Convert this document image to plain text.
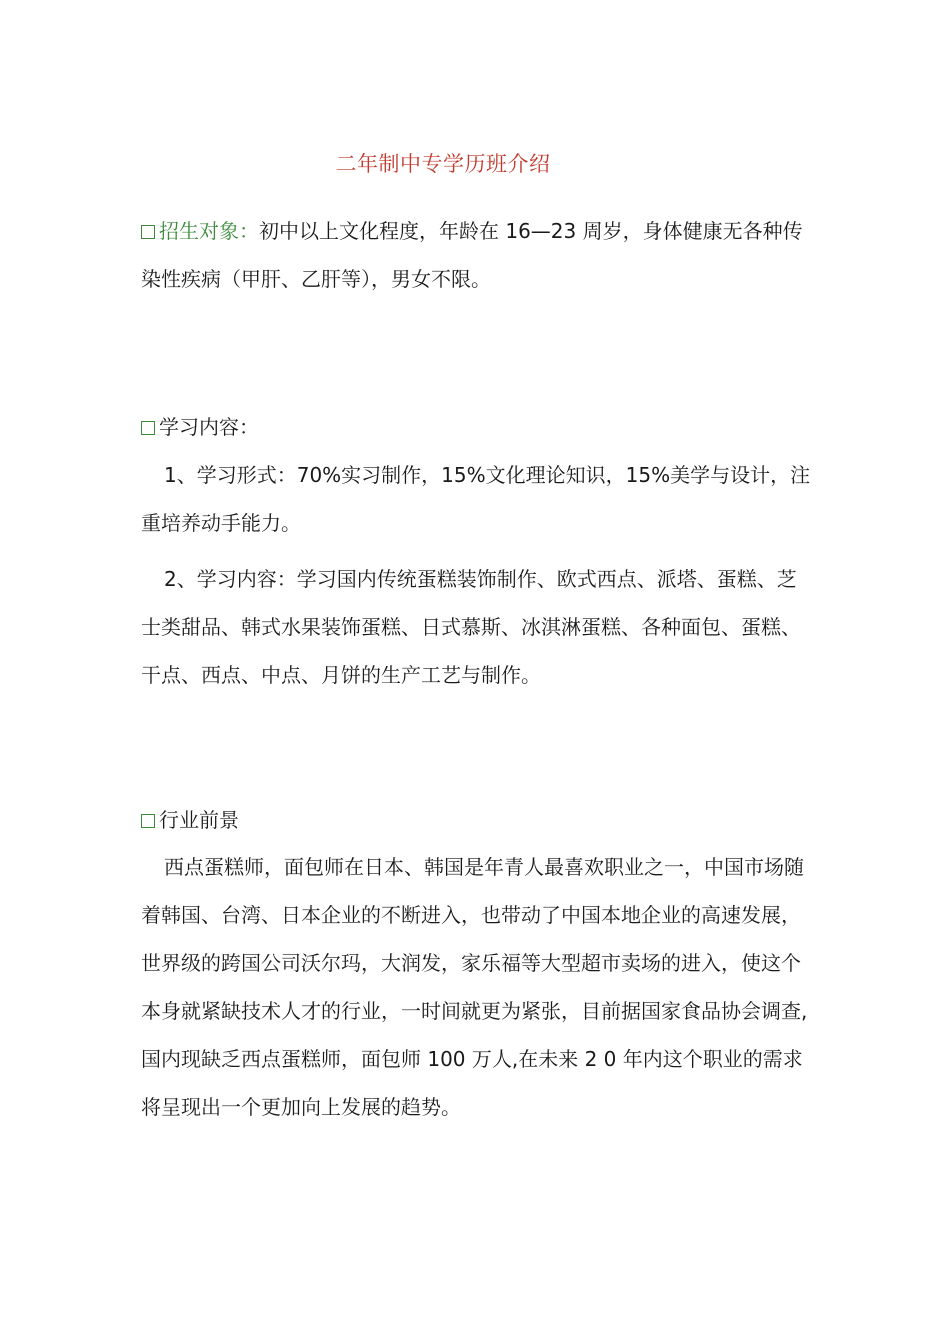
二年制中专学历班介绍

招生对象：初中以上文化程度，年龄在 16—23 周岁，身体健康无各种传染性疾病（甲肝、乙肝等），男女不限。

学习内容：

1、学习形式：70%实习制作，15%文化理论知识，15%美学与设计，注重培养动手能力。

2、学习内容：学习国内传统蛋糕装饰制作、欧式西点、派塔、蛋糕、芝士类甜品、韩式水果装饰蛋糕、日式慕斯、冰淇淋蛋糕、各种面包、蛋糕、干点、西点、中点、月饼的生产工艺与制作。

行业前景

西点蛋糕师，面包师在日本、韩国是年青人最喜欢职业之一，中国市场随着韩国、台湾、日本企业的不断进入，也带动了中国本地企业的高速发展，世界级的跨国公司沃尔玛，大润发，家乐福等大型超市卖场的进入，使这个本身就紧缺技术人才的行业，一时间就更为紧张，目前据国家食品协会调查,国内现缺乏西点蛋糕师，面包师 100 万人,在未来 2 0 年内这个职业的需求将呈现出一个更加向上发展的趋势。
